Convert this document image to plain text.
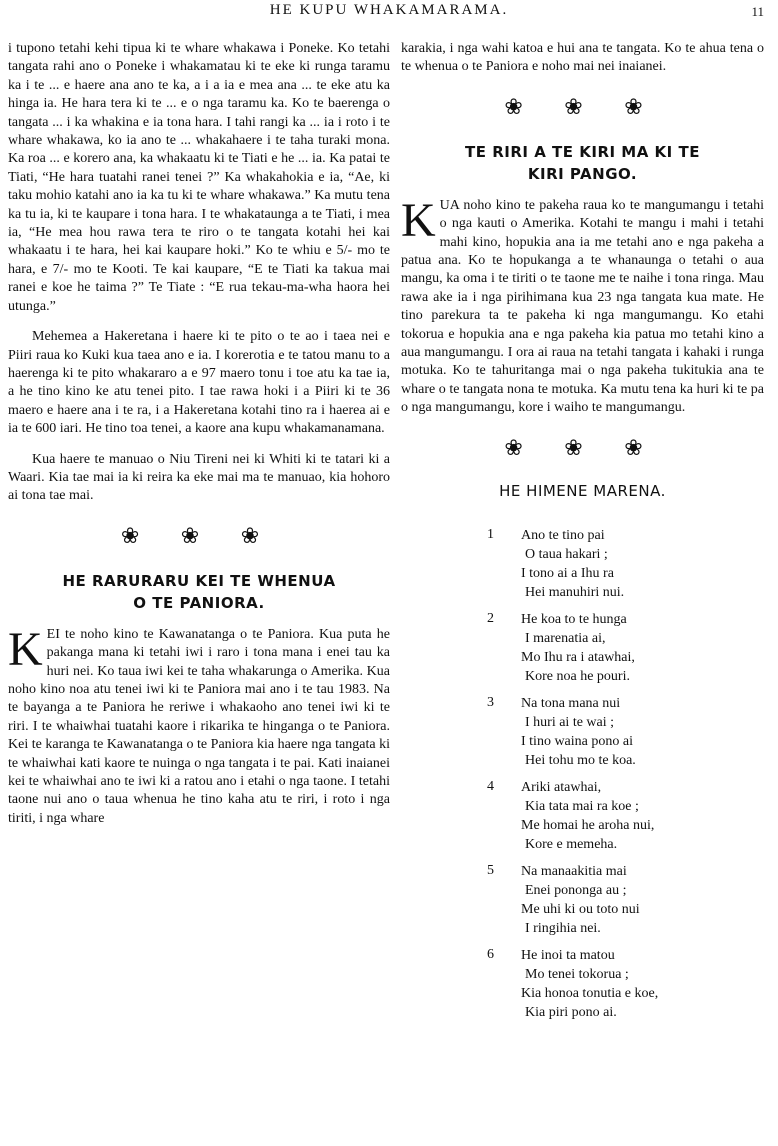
HE KUPU WHAKAMARAMA.	11

i tupono tetahi kehi tipua ki te whare whakawa i Poneke. Ko tetahi tangata rahi ano o Poneke i whakamatau ki te eke ki runga taramu ka i te ... e haere ana ano te ka, a i a ia e mea ana ... te eke atu ka hinga ia. He hara tera ki te ... e o nga taramu ka. Ko te baerenga o tangata ... i ka whakina e ia tona hara. I tahi rangi ka ... ia i roto i te whare whakawa, ko ia ano te ... whakahaere i te taha turaki mona. Ka roa ... e korero ana, ka whakaatu ki te Tiati e he ... ia. Ka patai te Tiati, “He hara tuatahi ranei tenei ?” Ka whakahokia e ia, “Ae, ki taku mohio katahi ano ia ka tu ki te whare whakawa.” Ka mutu tena ka tu ia, ki te kaupare i tona hara. I te whakataunga a te Tiati, i mea ia, “He mea hou rawa tera te riro o te tangata kotahi hei kai whakaatu i te hara, hei kai kaupare hoki.” Ko te whiu e 5/- mo te hara, e 7/- mo te Kooti. Te kai kaupare, “E te Tiati ka takua mai ranei e koe he taima ?” Te Tiate : “E rua tekau-ma-wha haora hei utunga.”

Mehemea a Hakeretana i haere ki te pito o te ao i taea nei e Piiri raua ko Kuki kua taea ano e ia. I korerotia e te tatou manu to a haerenga ki te pito whakararo a e 97 maero tonu i toe atu ka tae ia, a he tino kino ke atu tenei pito. I tae rawa hoki i a Piiri ki te 36 maero e haere ana i te ra, i a Hakeretana kotahi tino ra i haerea ai e ia te 600 iari. He tino toa tenei, a kaore ana kupu whakamanamana.

Kua haere te manuao o Niu Tireni nei ki Whiti ki te tatari ki a Waari. Kia tae mai ia ki reira ka eke mai ma te manuao, kia hohoro ai tona tae mai.

❀ ❀ ❀
HE RARURARU KEI TE WHENUA
O TE PANIORA.

K EI te noho kino te Kawanatanga o te Paniora. Kua puta he pakanga mana ki tetahi iwi i raro i tona mana i enei tau ka huri nei. Ko taua iwi kei te taha whakarunga o Amerika. Kua noho kino noa atu tenei iwi ki te Paniora mai ano i te tau 1983. Na te bayanga a te Paniora he reriwe i whakaoho ano tenei iwi ki te riri. I te whaiwhai tuatahi kaore i rikarika te hinganga o te Paniora. Kei te karanga te Kawanatanga o te Paniora kia haere nga tangata ki te whaiwhai kati kaore te nuinga o nga tangata i te pai. Kati inaianei kei te whaiwhai ano te iwi ki a ratou ano i etahi o nga taone. I tetahi taone nui ano o taua whenua he tino kaha atu te riri, i roto i nga tiriti, i nga whare

karakia, i nga wahi katoa e hui ana te tangata. Ko te ahua tena o te whenua o te Paniora e noho mai nei inaianei.

❀ ❀ ❀
TE RIRI A TE KIRI MA KI TE
KIRI PANGO.

K UA noho kino te pakeha raua ko te mangumangu i tetahi o nga kauti o Amerika. Kotahi te mangu i mahi i tetahi mahi kino, hopukia ana ia me tetahi ano e nga pakeha a patua ana. Ko te hopukanga a te whanaunga o tetahi o aua mangu, ka oma i te tiriti o te taone me te naihe i tona ringa. Mau rawa ake ia i nga pirihimana kua 23 nga tangata kua mate. He tino parekura ta te pakeha ki nga mangumangu. Ko etahi tokorua e hopukia ana e nga pakeha kia patua mo tetahi kino a aua mangumangu. I ora ai raua na tetahi tangata i kahaki i runga motuka. Ko te tahuritanga mai o nga pakeha tukitukia ana te whare o te tangata nona te motuka. Ka mutu tena ka huri ki te pa o nga mangumangu, kore i waiho te mangumangu.

❀ ❀ ❀
HE HIMENE MARENA.
1 Ano te tino pai
O taua hakari ;
I tono ai a Ihu ra
Hei manuhiri nui.
2 He koa to te hunga
I marenatia ai,
Mo Ihu ra i atawhai,
Kore noa he pouri.
3 Na tona mana nui
I huri ai te wai ;
I tino waina pono ai
Hei tohu mo te koa.
4 Ariki atawhai,
Kia tata mai ra koe ;
Me homai he aroha nui,
Kore e memeha.
5 Na manaakitia mai
Enei pononga au ;
Me uhi ki ou toto nui
I ringihia nei.
6 He inoi ta matou
Mo tenei tokorua ;
Kia honoa tonutia e koe,
Kia piri pono ai.
